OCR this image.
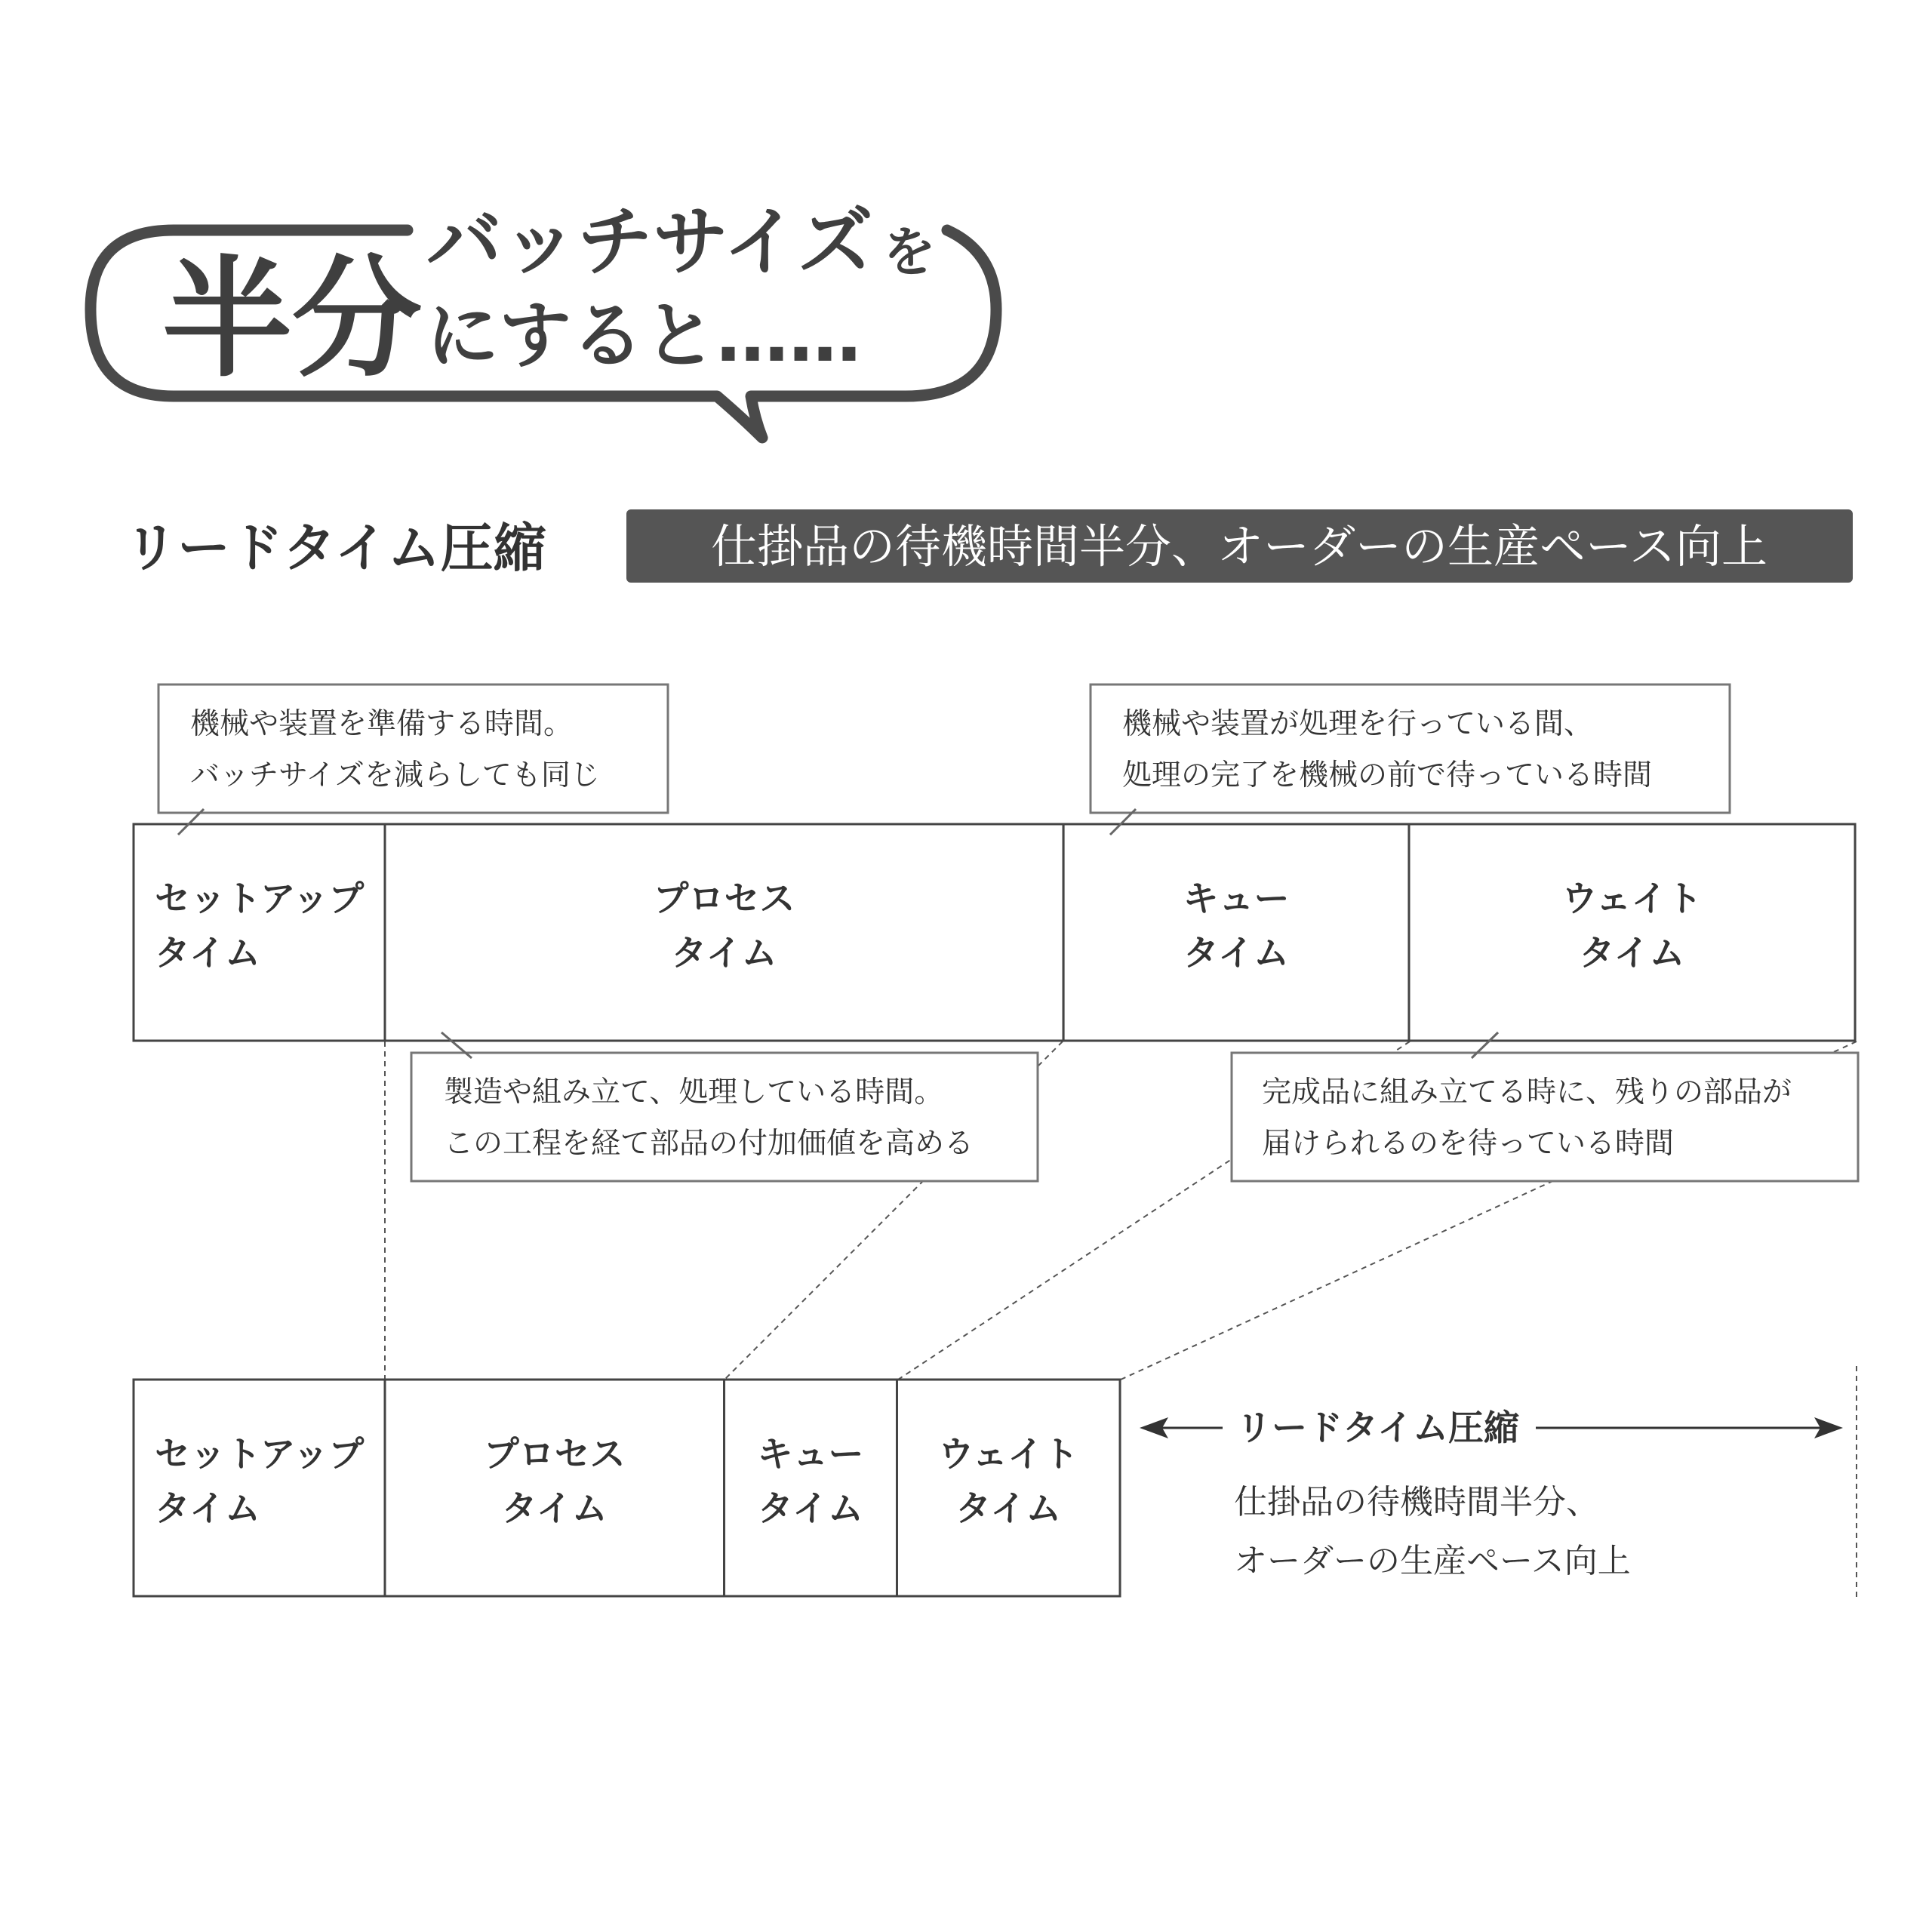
半分
バッチサイズ を
にすると……
リードタイム圧縮	仕掛品の待機時間半分、オーダーの生産ペース向上
セットアップ
タイム
プロセス
タイム
キュー
タイム
ウェイト
タイム
機械や装置を準備する時間。
バッチサイズを減らしても同じ
機械や装置が処理を行っている間、
処理の完了を機械の前で待っている時間
製造や組み立て、処理している時間。
この工程を経て部品の付加価値を高める
完成品に組み立てる時に、残りの部品が
届けられるのを待っている時間
セットアップ
タイム
プロセス
タイム
キュー
タイム
ウェイト
タイム
リードタイム圧縮
仕掛品の待機時間半分、
オーダーの生産ペース向上
